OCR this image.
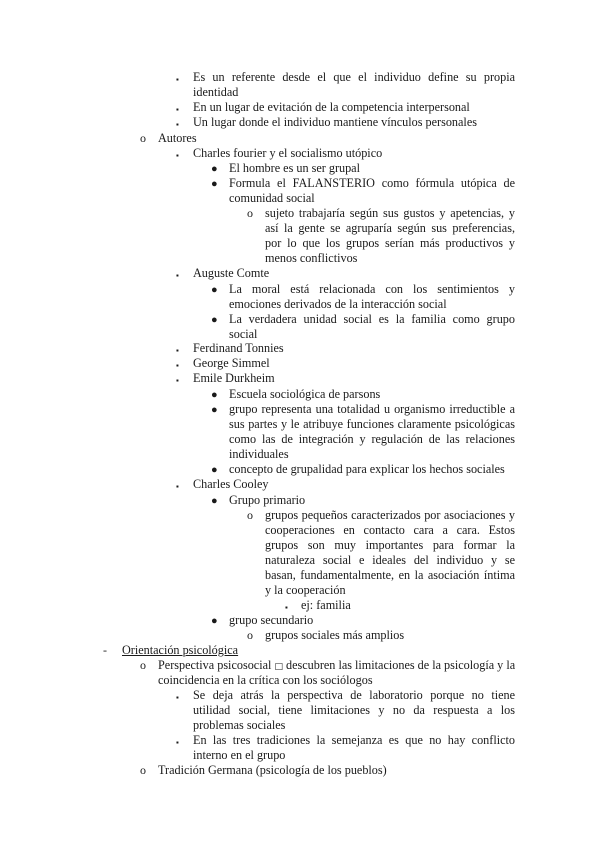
▪ Es un referente desde el que el individuo define su propia
identidad
▪ En un lugar de evitación de la competencia interpersonal
▪ Un lugar donde el individuo mantiene vínculos personales
o Autores
▪ Charles fourier y el socialismo utópico
● El hombre es un ser grupal
● Formula el FALANSTERIO como fórmula utópica de
comunidad social
o sujeto trabajaría según sus gustos y apetencias, y
así la gente se agruparía según sus preferencias,
por lo que los grupos serían más productivos y
menos conflictivos
▪ Auguste Comte
● La moral está relacionada con los sentimientos y
emociones derivados de la interacción social
● La verdadera unidad social es la familia como grupo
social
▪ Ferdinand Tonnies
▪ George Simmel
▪ Emile Durkheim
● Escuela sociológica de parsons
● grupo representa una totalidad u organismo irreductible a
sus partes y le atribuye funciones claramente psicológicas
como las de integración y regulación de las relaciones
individuales
● concepto de grupalidad para explicar los hechos sociales
▪ Charles Cooley
● Grupo primario
o grupos pequeños caracterizados por asociaciones y
cooperaciones en contacto cara a cara. Estos
grupos son muy importantes para formar la
naturaleza social e ideales del individuo y se
basan, fundamentalmente, en la asociación íntima
y la cooperación
▪ ej: familia
● grupo secundario
o grupos sociales más amplios
- Orientación psicológica
o Perspectiva psicosocial □ descubren las limitaciones de la psicología y la
coincidencia en la crítica con los sociólogos
▪ Se deja atrás la perspectiva de laboratorio porque no tiene
utilidad social, tiene limitaciones y no da respuesta a los
problemas sociales
▪ En las tres tradiciones la semejanza es que no hay conflicto
interno en el grupo
o Tradición Germana (psicología de los pueblos)
